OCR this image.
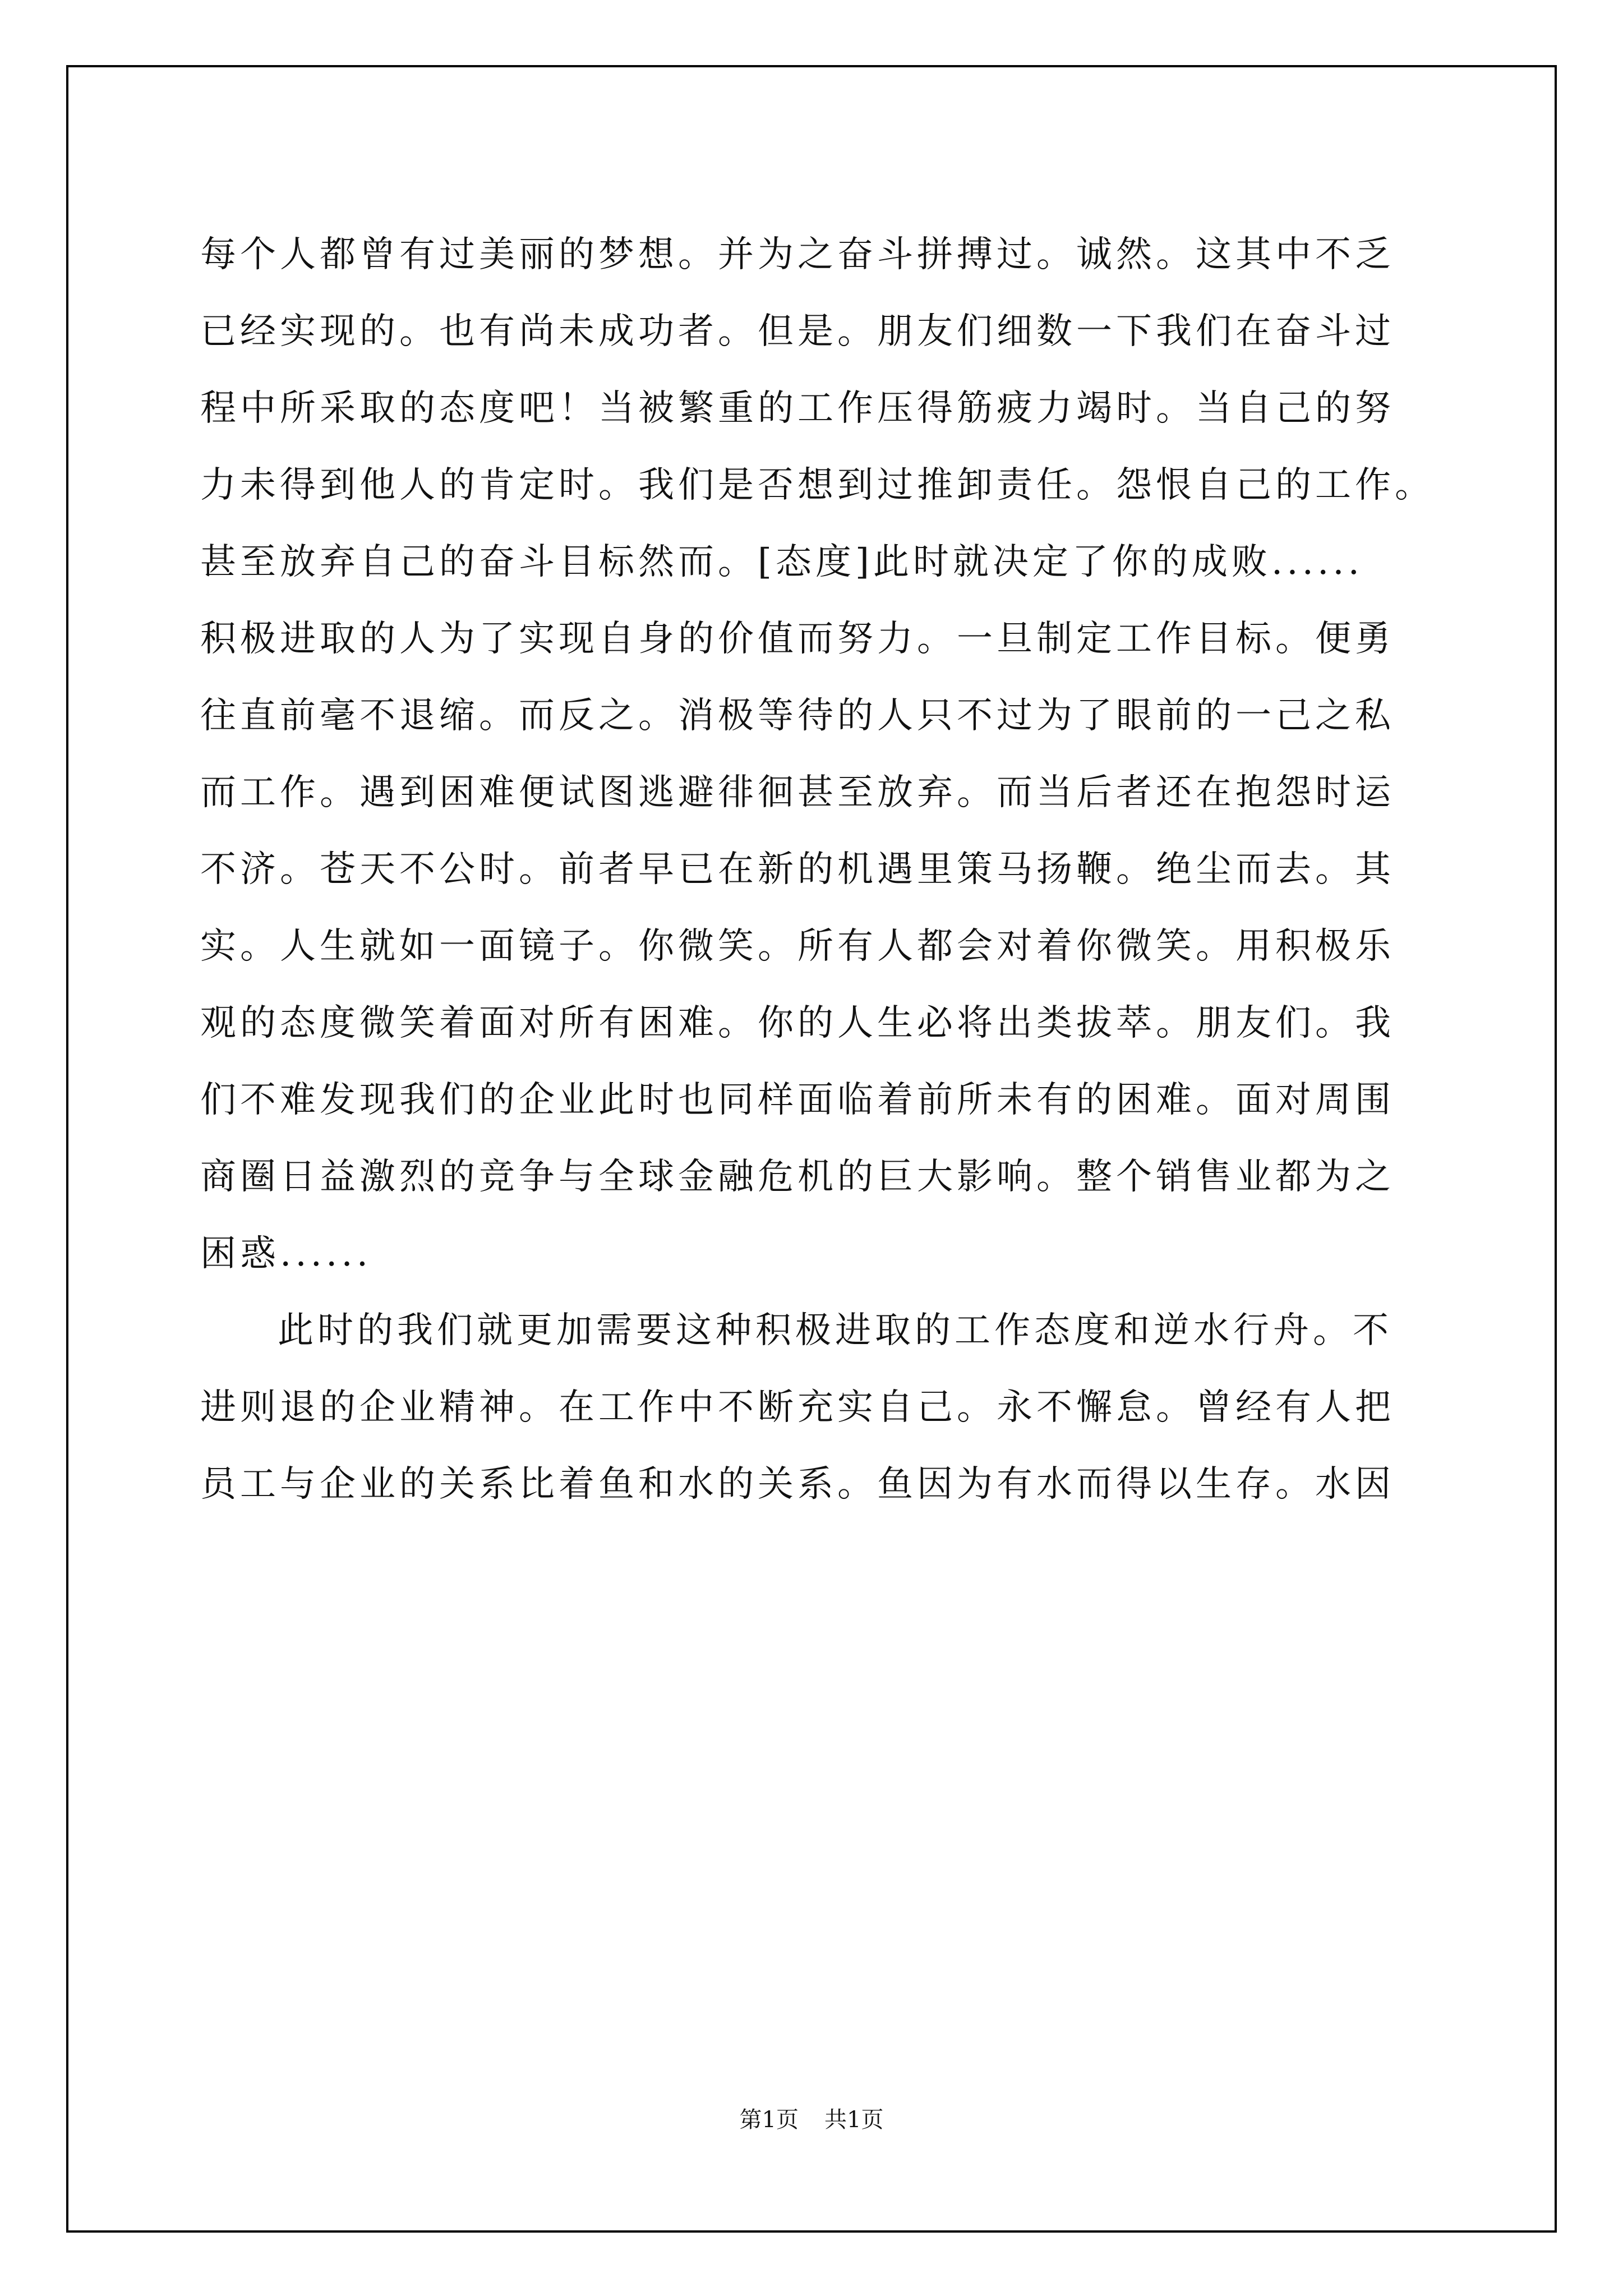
每个人都曾有过美丽的梦想。并为之奋斗拼搏过。诚然。这其中不乏
已经实现的。也有尚未成功者。但是。朋友们细数一下我们在奋斗过
程中所采取的态度吧！当被繁重的工作压得筋疲力竭时。当自己的努
力未得到他人的肯定时。我们是否想到过推卸责任。怨恨自己的工作。
甚至放弃自己的奋斗目标然而。[态度]此时就决定了你的成败......
积极进取的人为了实现自身的价值而努力。一旦制定工作目标。便勇
往直前毫不退缩。而反之。消极等待的人只不过为了眼前的一己之私
而工作。遇到困难便试图逃避徘徊甚至放弃。而当后者还在抱怨时运
不济。苍天不公时。前者早已在新的机遇里策马扬鞭。绝尘而去。其
实。人生就如一面镜子。你微笑。所有人都会对着你微笑。用积极乐
观的态度微笑着面对所有困难。你的人生必将出类拔萃。朋友们。我
们不难发现我们的企业此时也同样面临着前所未有的困难。面对周围
商圈日益激烈的竞争与全球金融危机的巨大影响。整个销售业都为之
困惑......
此时的我们就更加需要这种积极进取的工作态度和逆水行舟。不
进则退的企业精神。在工作中不断充实自己。永不懈怠。曾经有人把
员工与企业的关系比着鱼和水的关系。鱼因为有水而得以生存。水因
第1页 共1页
